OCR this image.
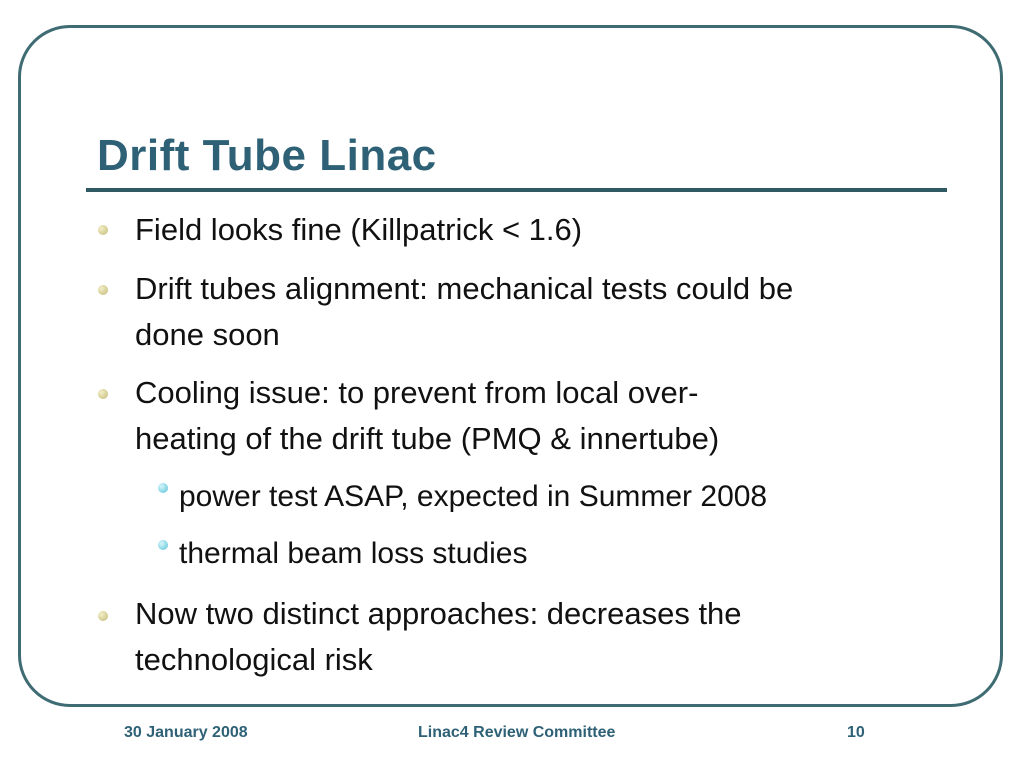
Drift Tube Linac
Field looks fine (Killpatrick < 1.6)
Drift tubes alignment: mechanical tests could be
done soon
Cooling issue: to prevent from local over-
heating of the drift tube (PMQ & innertube)
power test ASAP, expected in Summer 2008
thermal beam loss studies
Now two distinct approaches: decreases the
technological risk
30 January 2008	Linac4 Review Committee	10
